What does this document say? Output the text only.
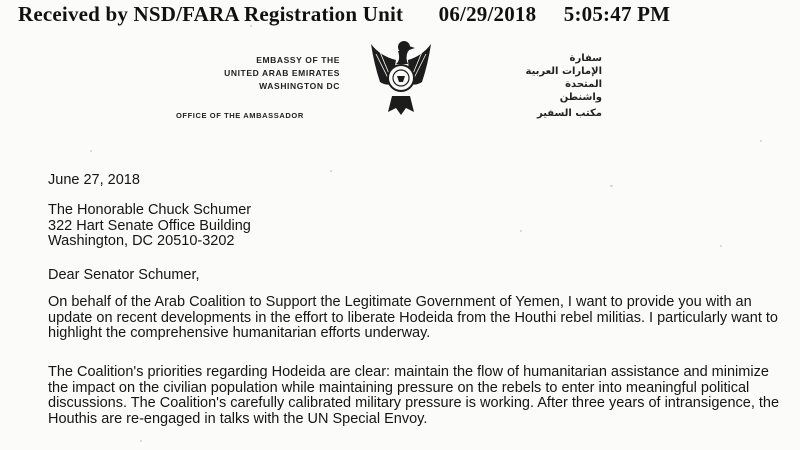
Received by NSD/FARA Registration Unit 06/29/2018 5:05:47 PM
EMBASSY OF THE
UNITED ARAB EMIRATES
WASHINGTON DC
OFFICE OF THE AMBASSADOR
سفارة
الإمارات العربية المتحدة
واشنطن
مكتب السفير
June 27, 2018
The Honorable Chuck Schumer
322 Hart Senate Office Building
Washington, DC 20510-3202
Dear Senator Schumer,
On behalf of the Arab Coalition to Support the Legitimate Government of Yemen, I want to provide you with an update on recent developments in the effort to liberate Hodeida from the Houthi rebel militias. I particularly want to highlight the comprehensive humanitarian efforts underway.
The Coalition's priorities regarding Hodeida are clear: maintain the flow of humanitarian assistance and minimize the impact on the civilian population while maintaining pressure on the rebels to enter into meaningful political discussions. The Coalition's carefully calibrated military pressure is working. After three years of intransigence, the Houthis are re-engaged in talks with the UN Special Envoy.
